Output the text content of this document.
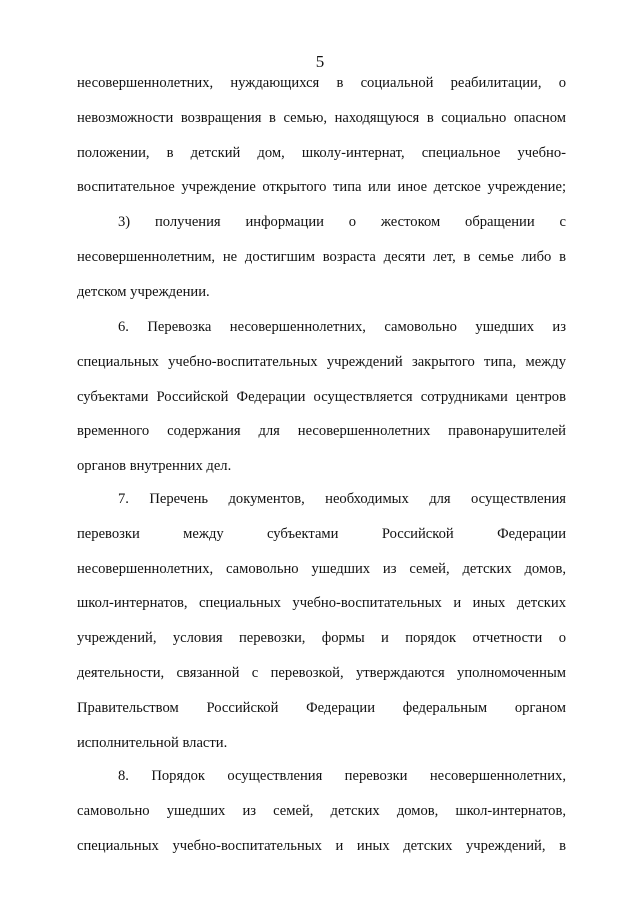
5
несовершеннолетних, нуждающихся в социальной реабилитации, о
невозможности возвращения в семью, находящуюся в социально опасном
положении, в детский дом, школу-интернат, специальное учебно-
воспитательное учреждение открытого типа или иное детское учреждение;
3) получения информации о жестоком обращении с
несовершеннолетним, не достигшим возраста десяти лет, в семье либо в
детском учреждении.
6. Перевозка несовершеннолетних, самовольно ушедших из
специальных учебно-воспитательных учреждений закрытого типа, между
субъектами Российской Федерации осуществляется сотрудниками центров
временного содержания для несовершеннолетних правонарушителей
органов внутренних дел.
7. Перечень документов, необходимых для осуществления
перевозки между субъектами Российской Федерации
несовершеннолетних, самовольно ушедших из семей, детских домов,
школ-интернатов, специальных учебно-воспитательных и иных детских
учреждений, условия перевозки, формы и порядок отчетности о
деятельности, связанной с перевозкой, утверждаются уполномоченным
Правительством Российской Федерации федеральным органом
исполнительной власти.
8. Порядок осуществления перевозки несовершеннолетних,
самовольно ушедших из семей, детских домов, школ-интернатов,
специальных учебно-воспитательных и иных детских учреждений, в
